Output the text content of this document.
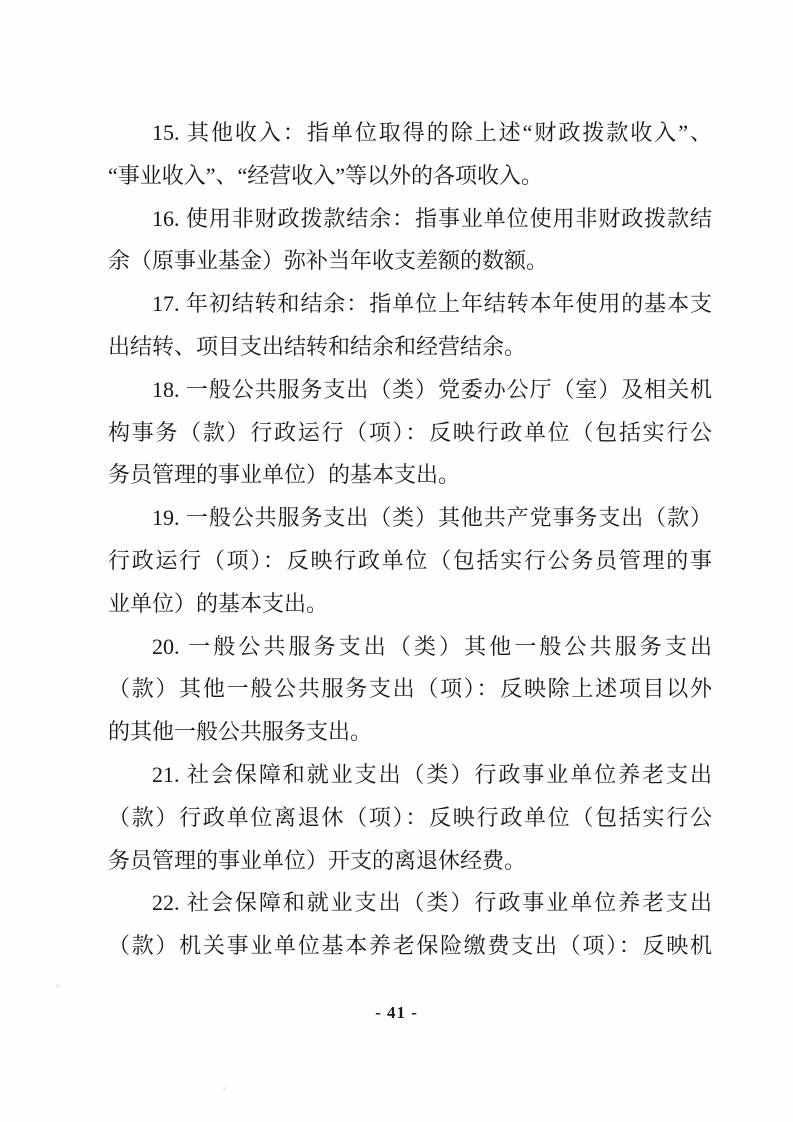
15. 其他收入：指单位取得的除上述“财政拨款收入”、
“事业收入”、“经营收入”等以外的各项收入。

16. 使用非财政拨款结余：指事业单位使用非财政拨款结
余（原事业基金）弥补当年收支差额的数额。

17. 年初结转和结余：指单位上年结转本年使用的基本支
出结转、项目支出结转和结余和经营结余。

18. 一般公共服务支出（类）党委办公厅（室）及相关机
构事务（款）行政运行（项）：反映行政单位（包括实行公
务员管理的事业单位）的基本支出。

19. 一般公共服务支出（类）其他共产党事务支出（款）
行政运行（项）：反映行政单位（包括实行公务员管理的事
业单位）的基本支出。

20. 一般公共服务支出（类）其他一般公共服务支出
（款）其他一般公共服务支出（项）：反映除上述项目以外
的其他一般公共服务支出。

21. 社会保障和就业支出（类）行政事业单位养老支出
（款）行政单位离退休（项）：反映行政单位（包括实行公
务员管理的事业单位）开支的离退休经费。

22. 社会保障和就业支出（类）行政事业单位养老支出
（款）机关事业单位基本养老保险缴费支出（项）：反映机

- 41 -
